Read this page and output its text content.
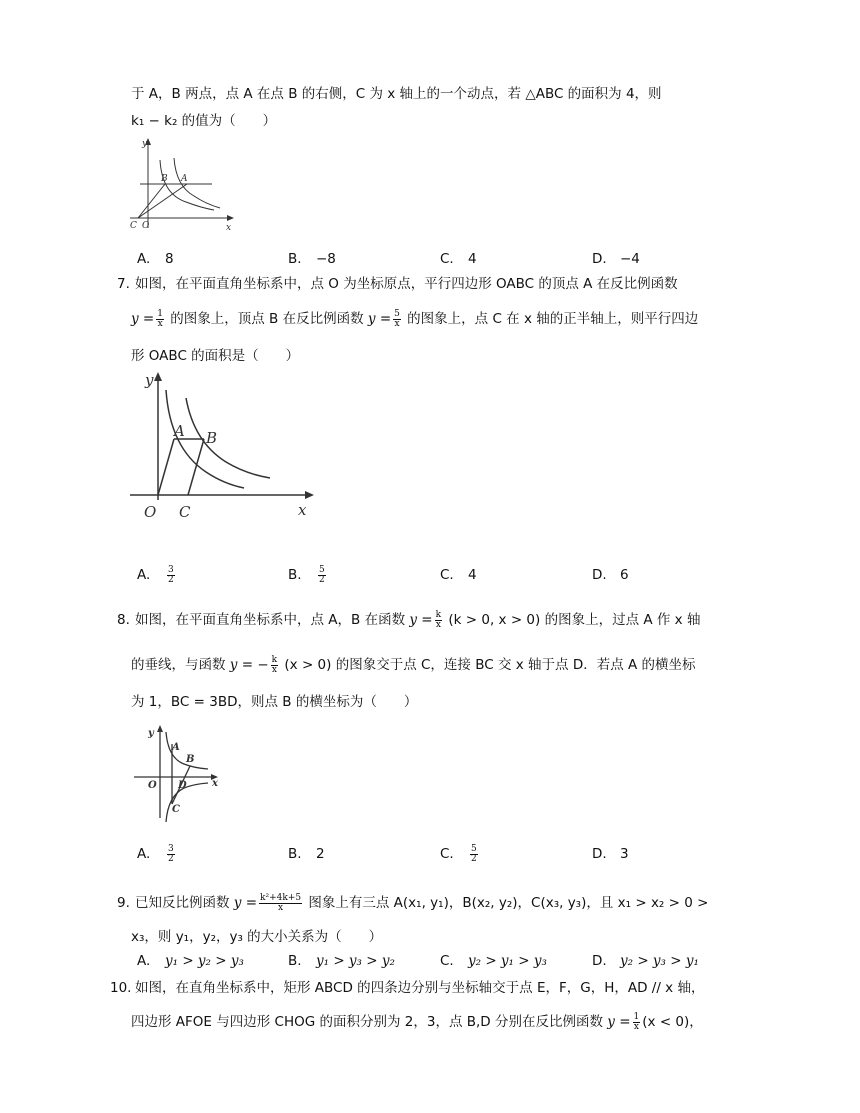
于 A，B 两点，点 A 在点 B 的右侧，C 为 x 轴上的一个动点，若 △ABC 的面积为 4，则
k₁ − k₂ 的值为（　　）
y
x
B A
C O
A. 8	B. −8	C. 4	D. −4
7. 如图，在平面直角坐标系中，点 O 为坐标原点，平行四边形 OABC 的顶点 A 在反比例函数
$y = \frac{1}{x}$ 的图象上，顶点 B 在反比例函数 $y = \frac{5}{x}$ 的图象上，点 C 在 x 轴的正半轴上，则平行四边
形 OABC 的面积是（　　）
y
x
A B
O C
A. $\frac{3}{2}$	B. $\frac{5}{2}$	C. 4	D. 6
8. 如图，在平面直角坐标系中，点 A，B 在函数 $y = \frac{k}{x} (k > 0$, x > 0) 的图象上，过点 A 作 x 轴
的垂线，与函数 y = − $\frac{k}{x} (x > 0)$ 的图象交于点 C，连接 BC 交 x 轴于点 D．若点 A 的横坐标
为 1，BC = 3BD，则点 B 的横坐标为（　　）
y
x
A
B
O D
C
A. $\frac{3}{2}$	B. 2	C. $\frac{5}{2}$	D. 3
9. 已知反比例函数 $y = \frac{\text{k²+4k+5}}{x}$ 图象上有三点 A(x₁, y₁)，B(x₂, y₂)，C(x₃, y₃)，且 x₁ > x₂ > 0 >
x₃，则 y₁，y₂，y₃ 的大小关系为（　　）
A. y₁ > y₂ > y₃	B. y₁ > y₃ > y₂	C. y₂ > y₁ > y₃	D. y₂ > y₃ > y₁
10. 如图，在直角坐标系中，矩形 ABCD 的四条边分别与坐标轴交于点 E，F，G，H，AD // x 轴，
四边形 AFOE 与四边形 CHOG 的面积分别为 2，3，点 B,D 分别在反比例函数 $y = \frac{1}{x} (x < 0)$，
